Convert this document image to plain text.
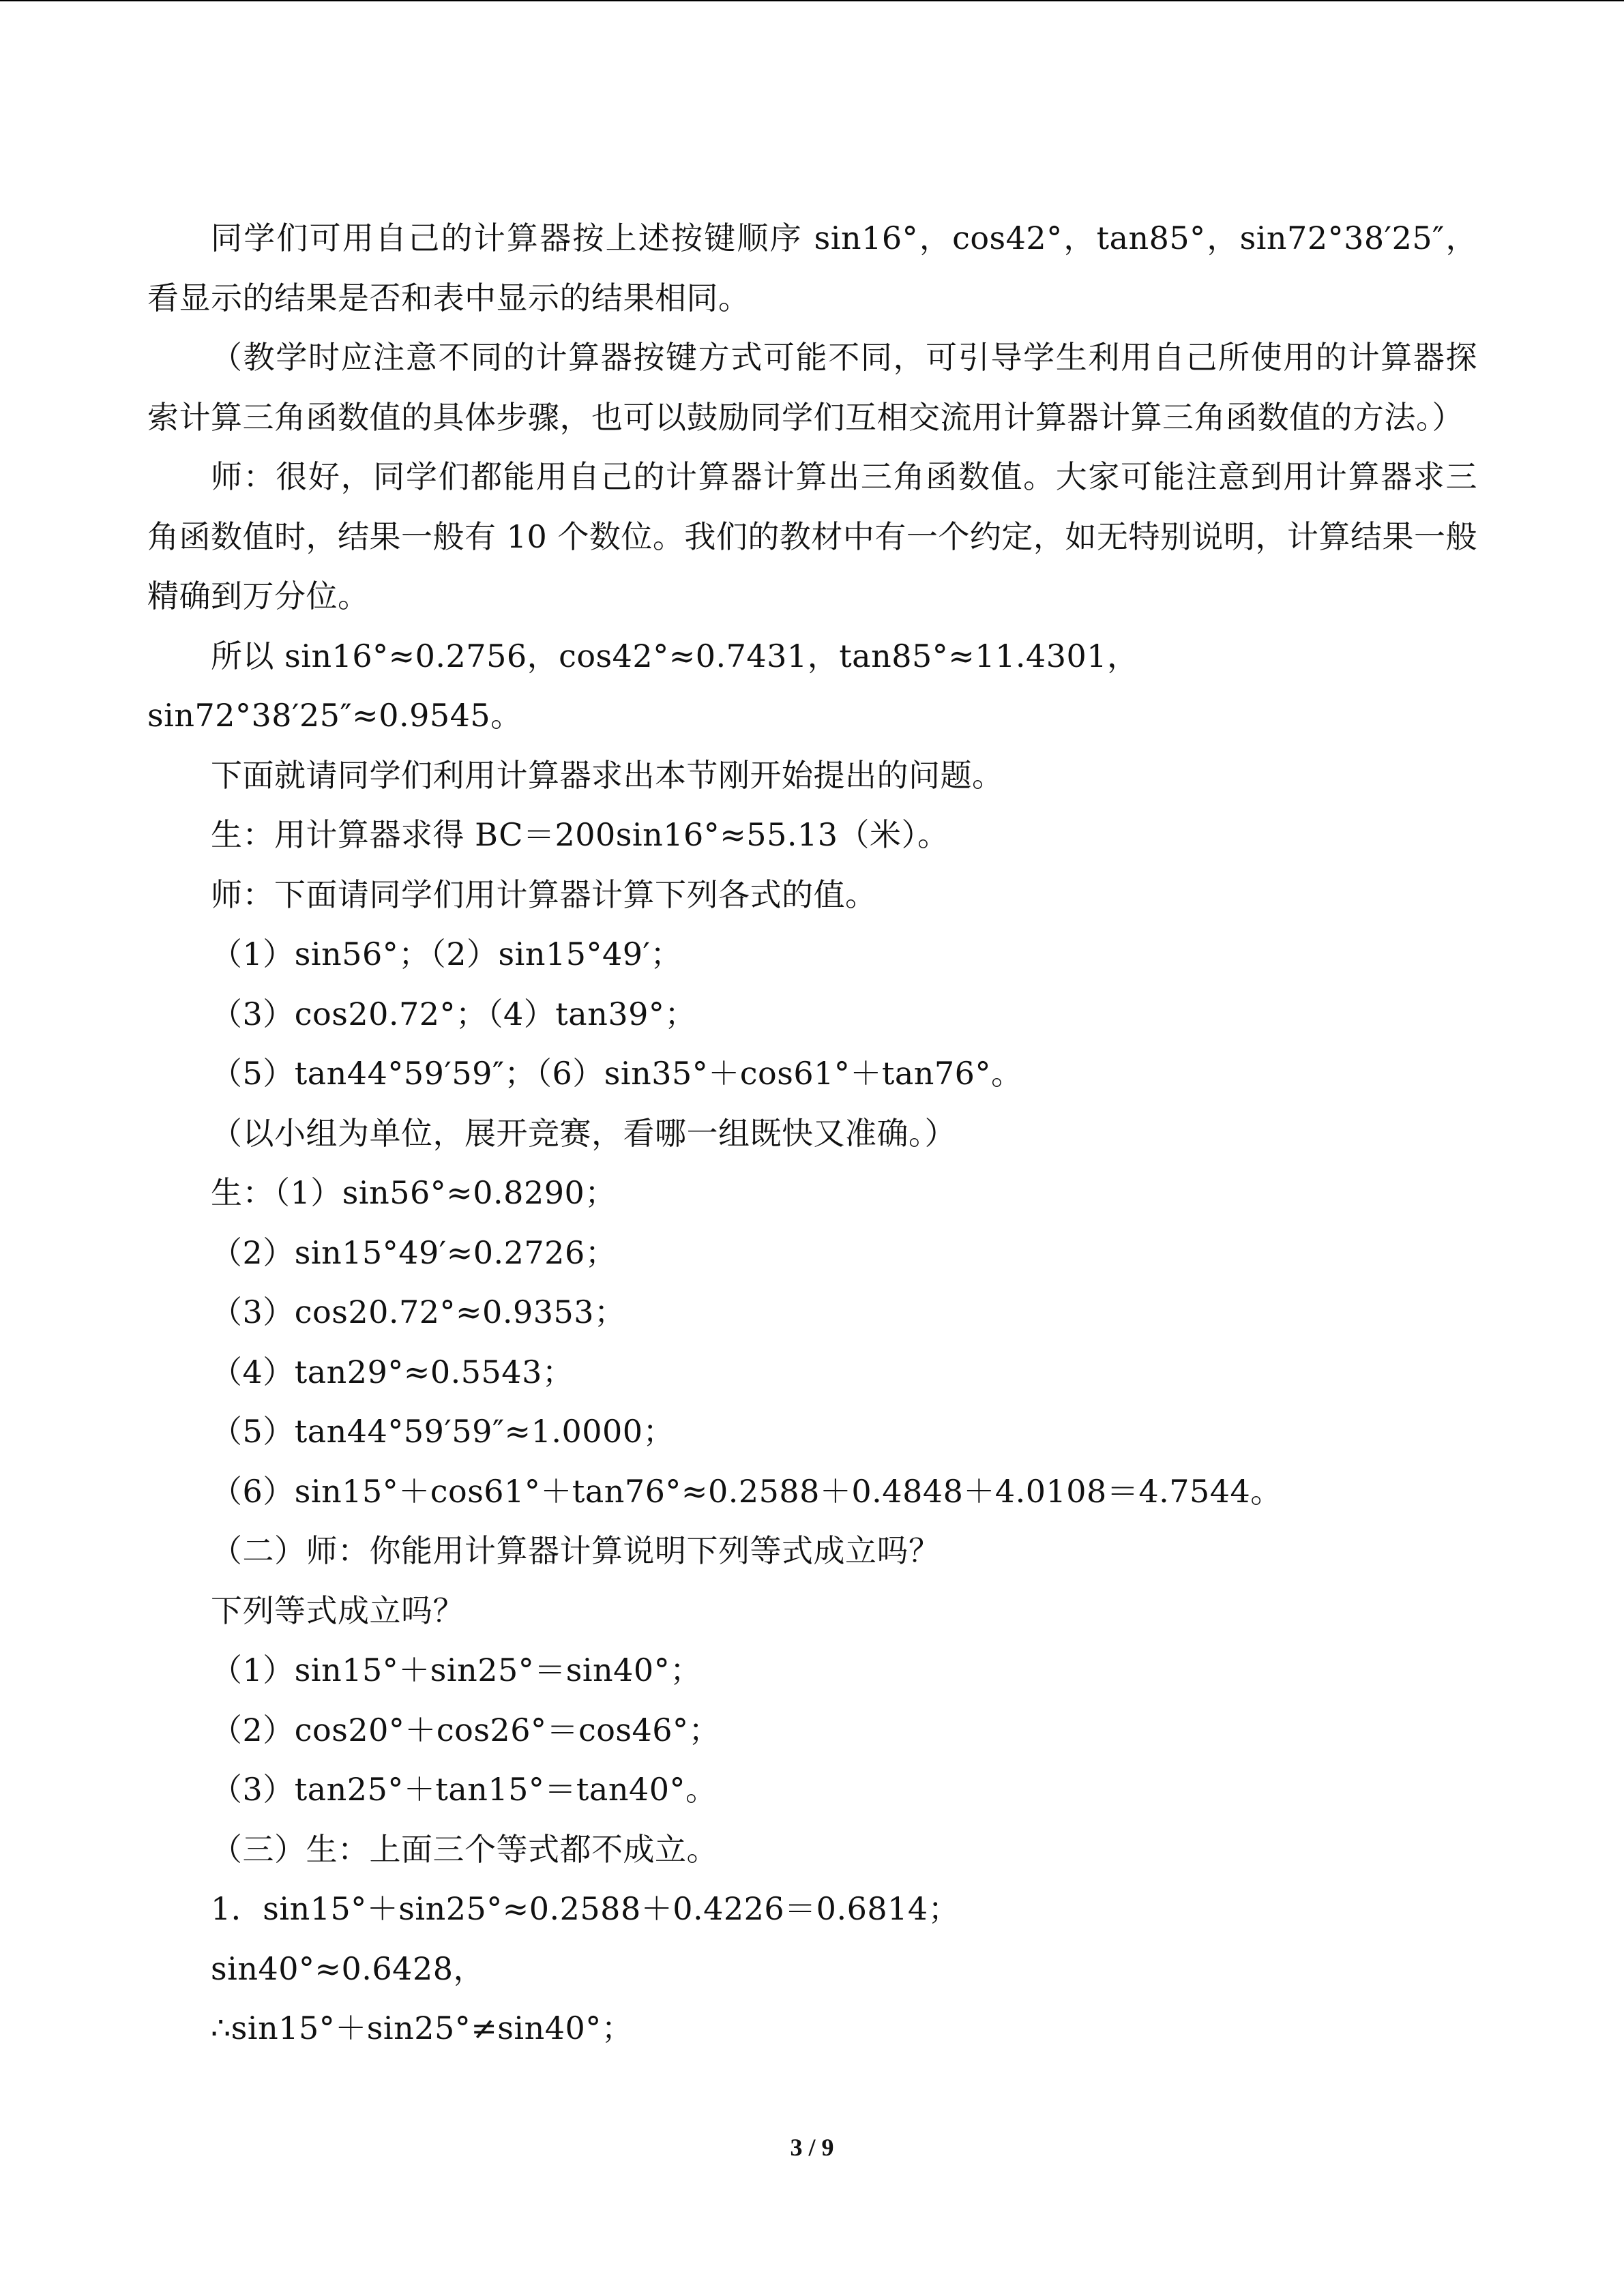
同学们可用自己的计算器按上述按键顺序 sin16°，cos42°，tan85°，sin72°38′25″，看显示的结果是否和表中显示的结果相同。

（教学时应注意不同的计算器按键方式可能不同，可引导学生利用自己所使用的计算器探索计算三角函数值的具体步骤，也可以鼓励同学们互相交流用计算器计算三角函数值的方法。）

师：很好，同学们都能用自己的计算器计算出三角函数值。大家可能注意到用计算器求三角函数值时，结果一般有 10 个数位。我们的教材中有一个约定，如无特别说明，计算结果一般精确到万分位。

所以 sin16°≈0.2756，cos42°≈0.7431，tan85°≈11.4301，sin72°38′25″≈0.9545。

下面就请同学们利用计算器求出本节刚开始提出的问题。

生：用计算器求得 BC＝200sin16°≈55.13（米）。

师：下面请同学们用计算器计算下列各式的值。

（1）sin56°；（2）sin15°49′；

（3）cos20.72°；（4）tan39°；

（5）tan44°59′59″；（6）sin35°＋cos61°＋tan76°。

（以小组为单位，展开竞赛，看哪一组既快又准确。）

生：（1）sin56°≈0.8290；

（2）sin15°49′≈0.2726；

（3）cos20.72°≈0.9353；

（4）tan29°≈0.5543；

（5）tan44°59′59″≈1.0000；

（6）sin15°＋cos61°＋tan76°≈0.2588＋0.4848＋4.0108＝4.7544。

（二）师：你能用计算器计算说明下列等式成立吗？

下列等式成立吗？

（1）sin15°＋sin25°＝sin40°；

（2）cos20°＋cos26°＝cos46°；

（3）tan25°＋tan15°＝tan40°。

（三）生：上面三个等式都不成立。

1．sin15°＋sin25°≈0.2588＋0.4226＝0.6814；

sin40°≈0.6428，

∴sin15°＋sin25°≠sin40°；

3 / 9
